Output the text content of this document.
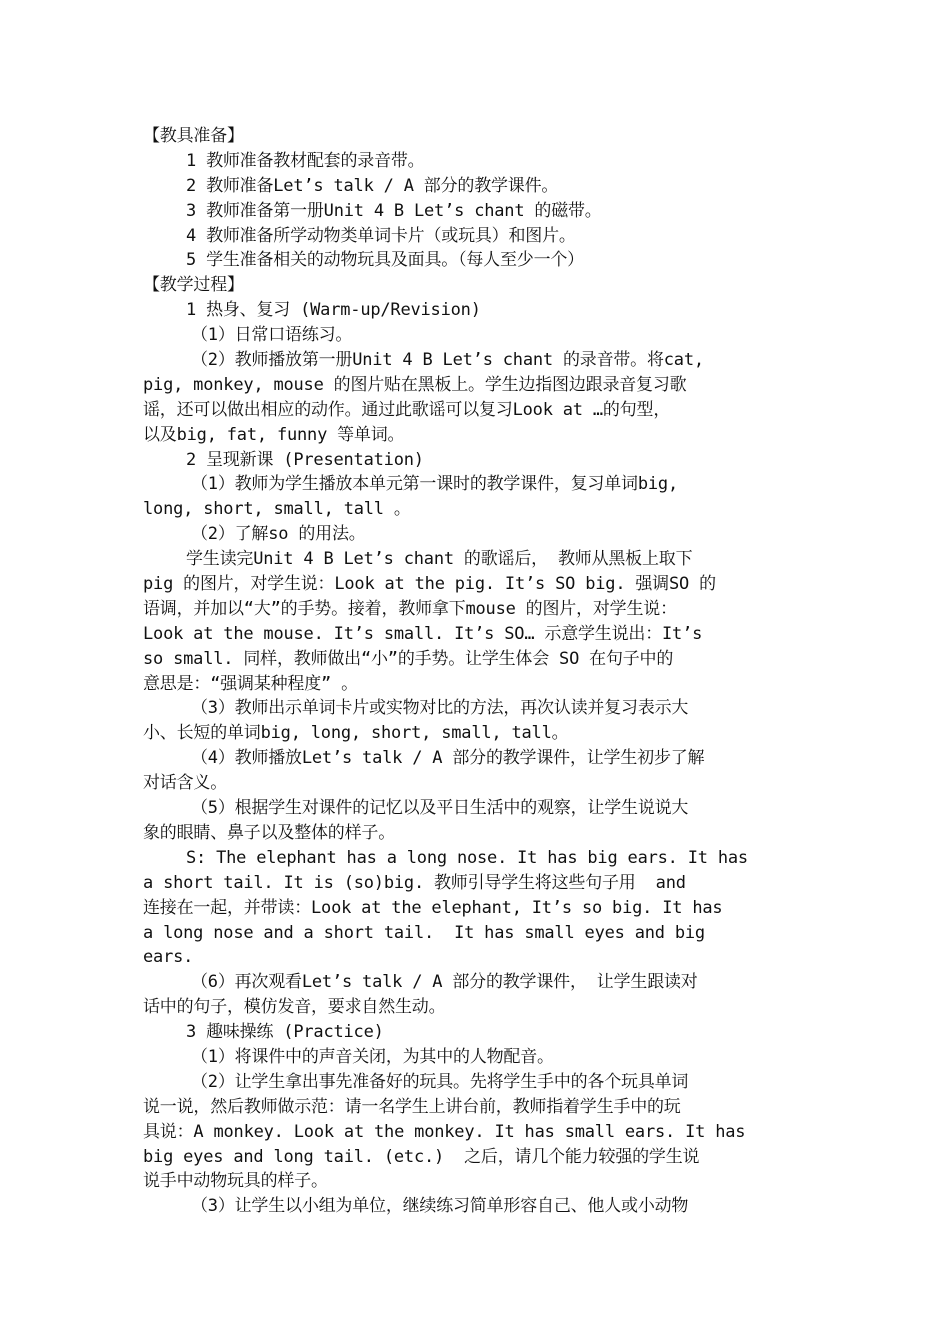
【教具准备】
1 教师准备教材配套的录音带。
2 教师准备Let’s talk / A 部分的教学课件。
3 教师准备第一册Unit 4 B Let’s chant 的磁带。
4 教师准备所学动物类单词卡片（或玩具）和图片。
5 学生准备相关的动物玩具及面具。（每人至少一个）
【教学过程】
1 热身、复习 (Warm-up/Revision)
（1）日常口语练习。
（2）教师播放第一册Unit 4 B Let’s chant 的录音带。将cat,
pig, monkey, mouse 的图片贴在黑板上。学生边指图边跟录音复习歌
谣，还可以做出相应的动作。通过此歌谣可以复习Look at …的句型，
以及big, fat, funny 等单词。
2 呈现新课 (Presentation)
（1）教师为学生播放本单元第一课时的教学课件，复习单词big,
long, short, small, tall 。
（2）了解so 的用法。
学生读完Unit 4 B Let’s chant 的歌谣后， 教师从黑板上取下
pig 的图片，对学生说：Look at the pig. It’s SO big. 强调SO 的
语调，并加以“大”的手势。接着，教师拿下mouse 的图片，对学生说：
Look at the mouse. It’s small. It’s SO… 示意学生说出：It’s
so small. 同样，教师做出“小”的手势。让学生体会 SO 在句子中的
意思是：“强调某种程度” 。
（3）教师出示单词卡片或实物对比的方法，再次认读并复习表示大
小、长短的单词big, long, short, small, tall。
（4）教师播放Let’s talk / A 部分的教学课件，让学生初步了解
对话含义。
（5）根据学生对课件的记忆以及平日生活中的观察，让学生说说大
象的眼睛、鼻子以及整体的样子。
S: The elephant has a long nose. It has big ears. It has
a short tail. It is (so)big. 教师引导学生将这些句子用  and
连接在一起，并带读：Look at the elephant, It’s so big. It has
a long nose and a short tail.  It has small eyes and big
ears.
（6）再次观看Let’s talk / A 部分的教学课件， 让学生跟读对
话中的句子，模仿发音，要求自然生动。
3 趣味操练 (Practice)
（1）将课件中的声音关闭，为其中的人物配音。
（2）让学生拿出事先准备好的玩具。先将学生手中的各个玩具单词
说一说，然后教师做示范：请一名学生上讲台前，教师指着学生手中的玩
具说：A monkey. Look at the monkey. It has small ears. It has
big eyes and long tail. (etc.)  之后，请几个能力较强的学生说
说手中动物玩具的样子。
（3）让学生以小组为单位，继续练习简单形容自己、他人或小动物
